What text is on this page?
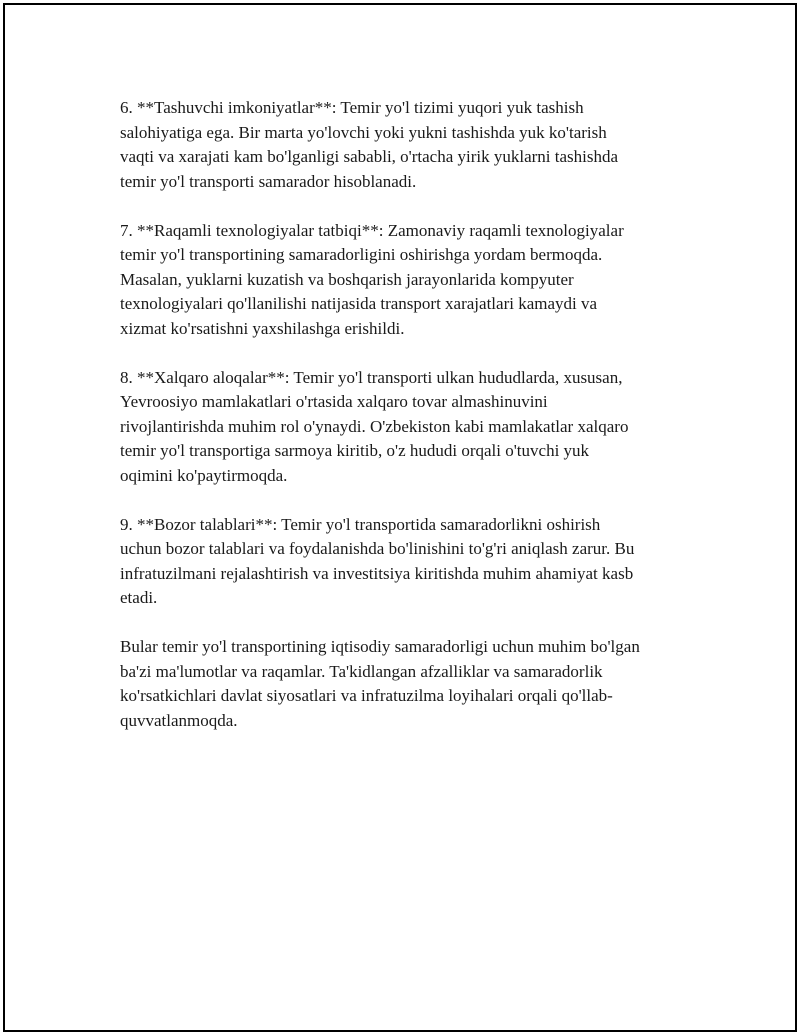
6. **Tashuvchi imkoniyatlar**: Temir yo'l tizimi yuqori yuk tashish
salohiyatiga ega. Bir marta yo'lovchi yoki yukni tashishda yuk ko'tarish
vaqti va xarajati kam bo'lganligi sababli, o'rtacha yirik yuklarni tashishda
temir yo'l transporti samarador hisoblanadi.

7. **Raqamli texnologiyalar tatbiqi**: Zamonaviy raqamli texnologiyalar
temir yo'l transportining samaradorligini oshirishga yordam bermoqda.
Masalan, yuklarni kuzatish va boshqarish jarayonlarida kompyuter
texnologiyalari qo'llanilishi natijasida transport xarajatlari kamaydi va
xizmat ko'rsatishni yaxshilashga erishildi.

8. **Xalqaro aloqalar**: Temir yo'l transporti ulkan hududlarda, xususan,
Yevroosiyo mamlakatlari o'rtasida xalqaro tovar almashinuvini
rivojlantirishda muhim rol o'ynaydi. O'zbekiston kabi mamlakatlar xalqaro
temir yo'l transportiga sarmoya kiritib, o'z hududi orqali o'tuvchi yuk
oqimini ko'paytirmoqda.

9. **Bozor talablari**: Temir yo'l transportida samaradorlikni oshirish
uchun bozor talablari va foydalanishda bo'linishini to'g'ri aniqlash zarur. Bu
infratuzilmani rejalashtirish va investitsiya kiritishda muhim ahamiyat kasb
etadi.

Bular temir yo'l transportining iqtisodiy samaradorligi uchun muhim bo'lgan
ba'zi ma'lumotlar va raqamlar. Ta'kidlangan afzalliklar va samaradorlik
ko'rsatkichlari davlat siyosatlari va infratuzilma loyihalari orqali qo'llab-
quvvatlanmoqda.
